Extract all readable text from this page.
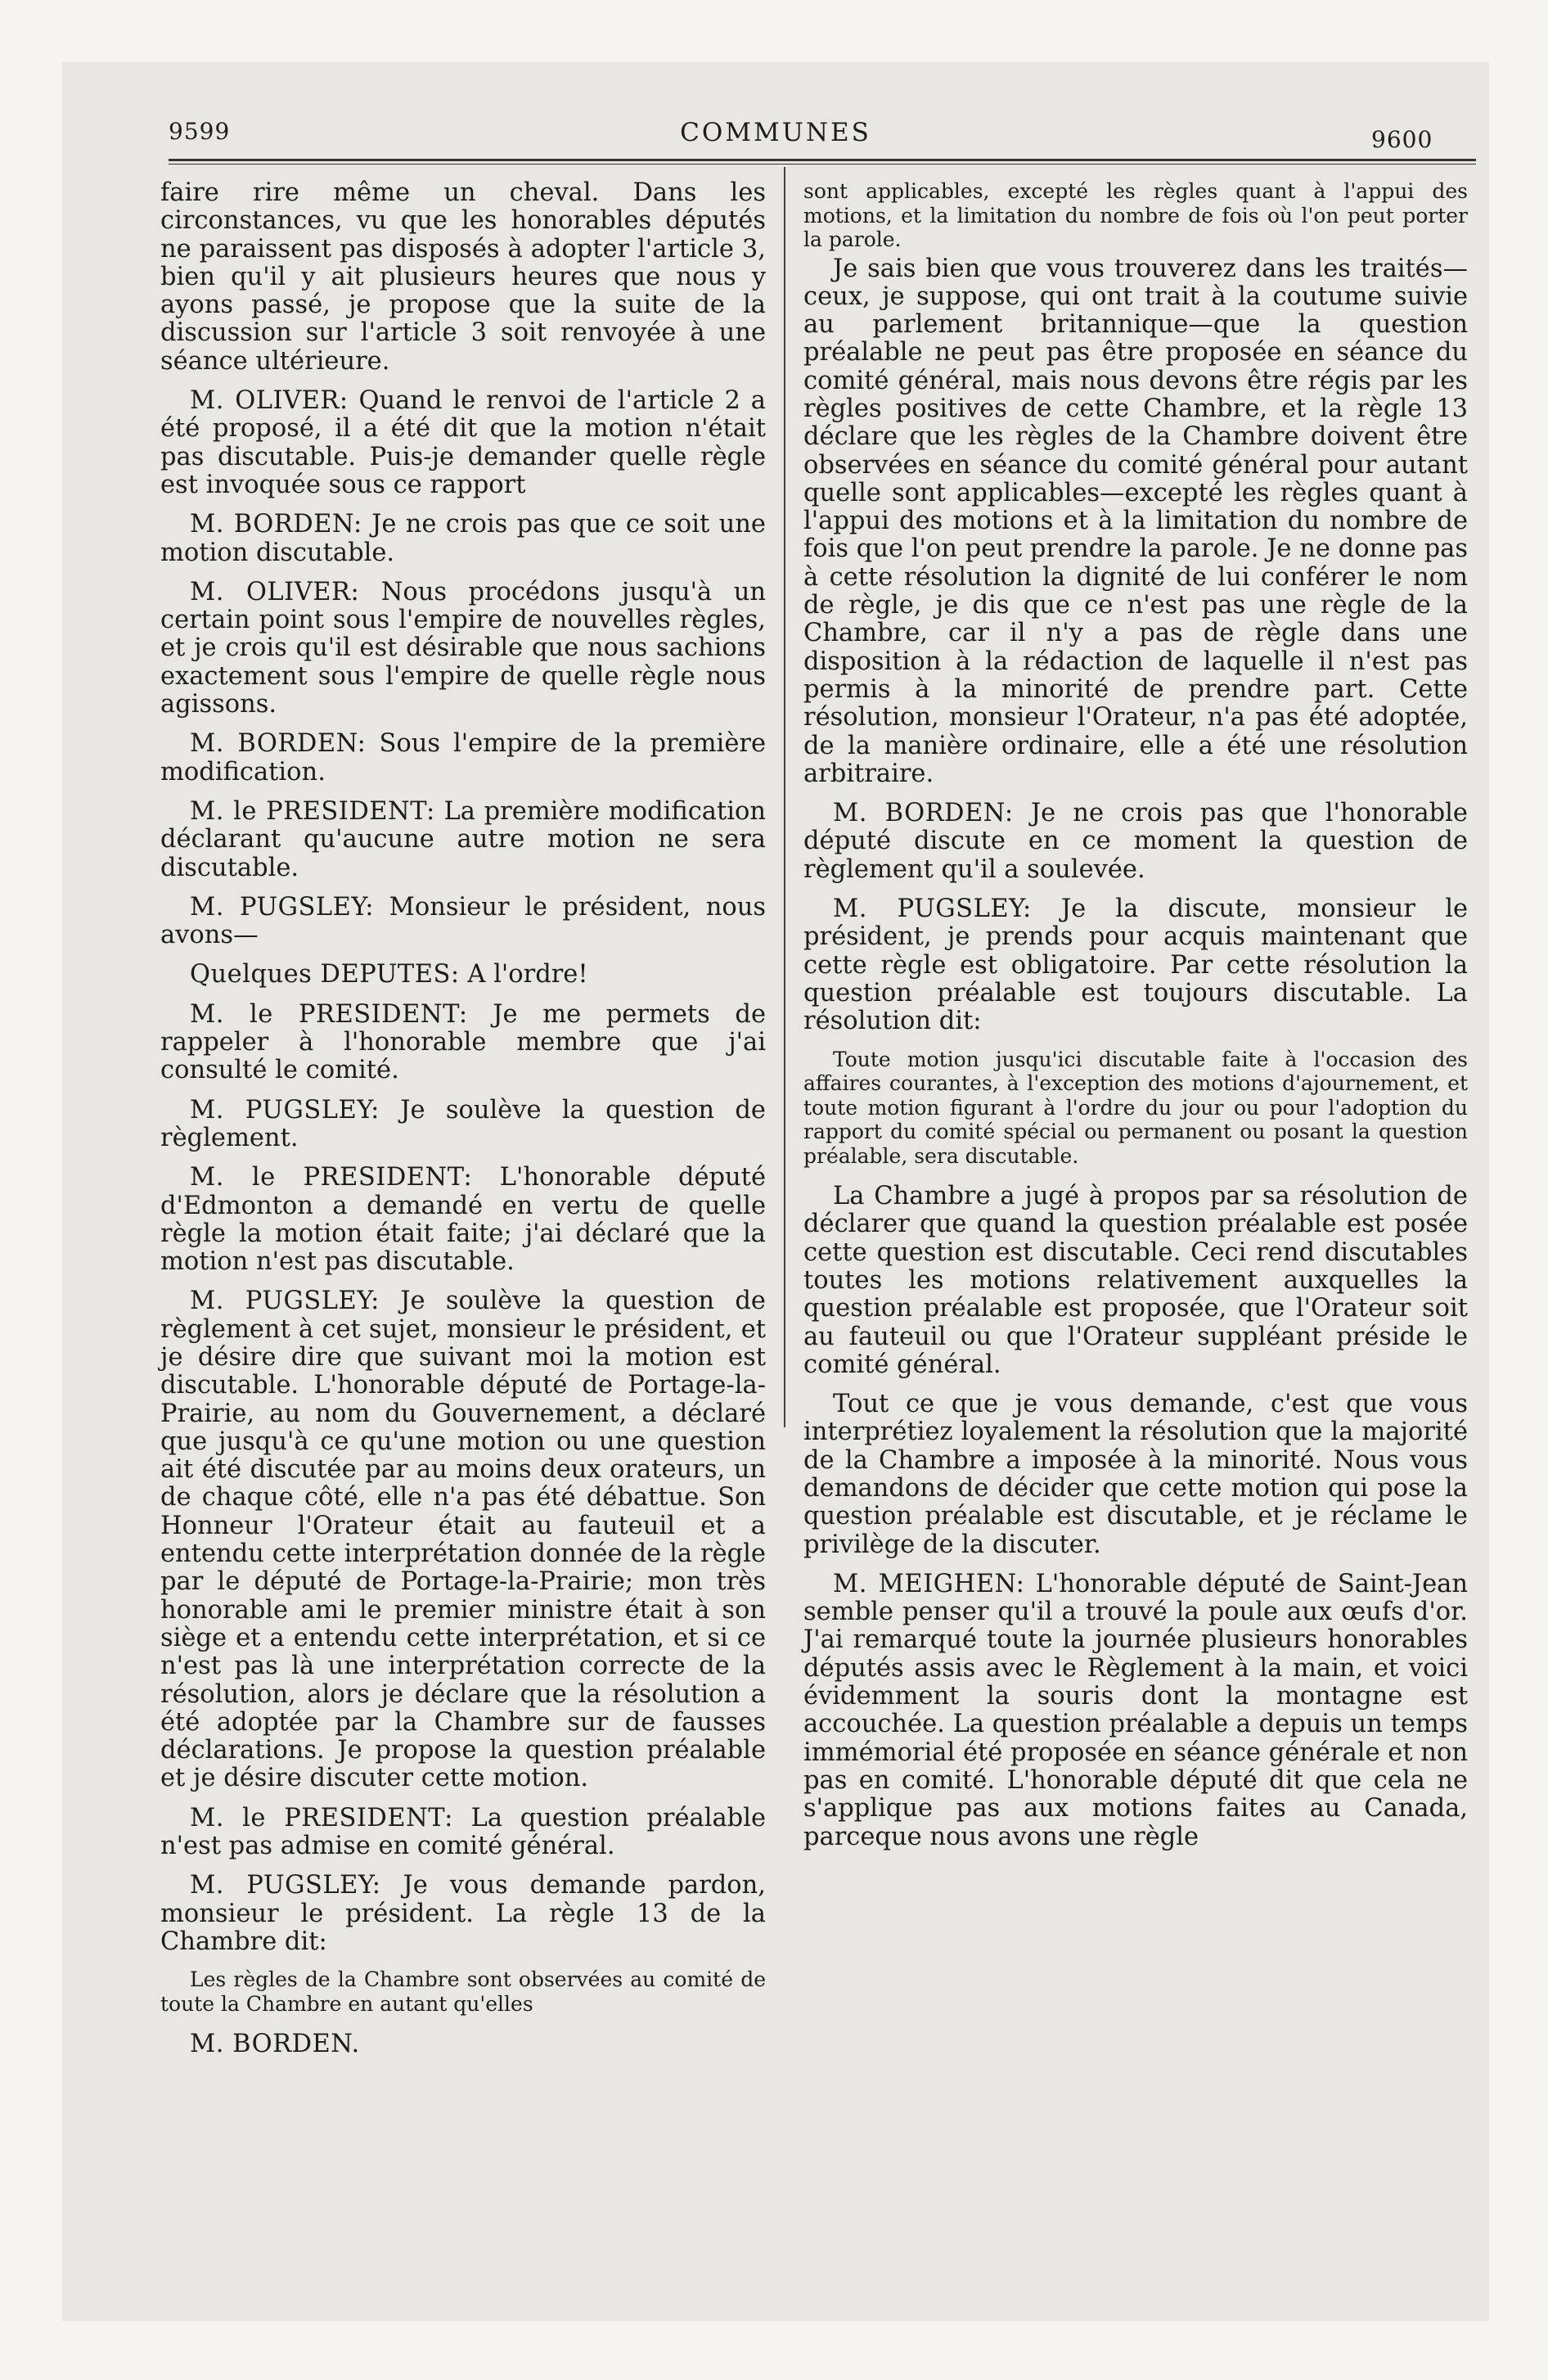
9599	COMMUNES	9600

faire rire même un cheval. Dans les circonstances, vu que les honorables députés ne paraissent pas disposés à adopter l'article 3, bien qu'il y ait plusieurs heures que nous y ayons passé, je propose que la suite de la discussion sur l'article 3 soit renvoyée à une séance ultérieure.

M. OLIVER: Quand le renvoi de l'article 2 a été proposé, il a été dit que la motion n'était pas discutable. Puis-je demander quelle règle est invoquée sous ce rapport

M. BORDEN: Je ne crois pas que ce soit une motion discutable.

M. OLIVER: Nous procédons jusqu'à un certain point sous l'empire de nouvelles règles, et je crois qu'il est désirable que nous sachions exactement sous l'empire de quelle règle nous agissons.

M. BORDEN: Sous l'empire de la première modification.

M. le PRESIDENT: La première modification déclarant qu'aucune autre motion ne sera discutable.

M. PUGSLEY: Monsieur le président, nous avons—

Quelques DEPUTES: A l'ordre!

M. le PRESIDENT: Je me permets de rappeler à l'honorable membre que j'ai consulté le comité.

M. PUGSLEY: Je soulève la question de règlement.

M. le PRESIDENT: L'honorable député d'Edmonton a demandé en vertu de quelle règle la motion était faite; j'ai déclaré que la motion n'est pas discutable.

M. PUGSLEY: Je soulève la question de règlement à cet sujet, monsieur le président, et je désire dire que suivant moi la motion est discutable. L'honorable député de Portage-la-Prairie, au nom du Gouvernement, a déclaré que jusqu'à ce qu'une motion ou une question ait été discutée par au moins deux orateurs, un de chaque côté, elle n'a pas été débattue. Son Honneur l'Orateur était au fauteuil et a entendu cette interprétation donnée de la règle par le député de Portage-la-Prairie; mon très honorable ami le premier ministre était à son siège et a entendu cette interprétation, et si ce n'est pas là une interprétation correcte de la résolution, alors je déclare que la résolution a été adoptée par la Chambre sur de fausses déclarations. Je propose la question préalable et je désire discuter cette motion.

M. le PRESIDENT: La question préalable n'est pas admise en comité général.

M. PUGSLEY: Je vous demande pardon, monsieur le président. La règle 13 de la Chambre dit:

Les règles de la Chambre sont observées au comité de toute la Chambre en autant qu'elles

M. BORDEN.

sont applicables, excepté les règles quant à l'appui des motions, et la limitation du nombre de fois où l'on peut porter la parole.

Je sais bien que vous trouverez dans les traités—ceux, je suppose, qui ont trait à la coutume suivie au parlement britannique—que la question préalable ne peut pas être proposée en séance du comité général, mais nous devons être régis par les règles positives de cette Chambre, et la règle 13 déclare que les règles de la Chambre doivent être observées en séance du comité général pour autant quelle sont applicables—excepté les règles quant à l'appui des motions et à la limitation du nombre de fois que l'on peut prendre la parole. Je ne donne pas à cette résolution la dignité de lui conférer le nom de règle, je dis que ce n'est pas une règle de la Chambre, car il n'y a pas de règle dans une disposition à la rédaction de laquelle il n'est pas permis à la minorité de prendre part. Cette résolution, monsieur l'Orateur, n'a pas été adoptée, de la manière ordinaire, elle a été une résolution arbitraire.

M. BORDEN: Je ne crois pas que l'honorable député discute en ce moment la question de règlement qu'il a soulevée.

M. PUGSLEY: Je la discute, monsieur le président, je prends pour acquis maintenant que cette règle est obligatoire. Par cette résolution la question préalable est toujours discutable. La résolution dit:

Toute motion jusqu'ici discutable faite à l'occasion des affaires courantes, à l'exception des motions d'ajournement, et toute motion figurant à l'ordre du jour ou pour l'adoption du rapport du comité spécial ou permanent ou posant la question préalable, sera discutable.

La Chambre a jugé à propos par sa résolution de déclarer que quand la question préalable est posée cette question est discutable. Ceci rend discutables toutes les motions relativement auxquelles la question préalable est proposée, que l'Orateur soit au fauteuil ou que l'Orateur suppléant préside le comité général.

Tout ce que je vous demande, c'est que vous interprétiez loyalement la résolution que la majorité de la Chambre a imposée à la minorité. Nous vous demandons de décider que cette motion qui pose la question préalable est discutable, et je réclame le privilège de la discuter.

M. MEIGHEN: L'honorable député de Saint-Jean semble penser qu'il a trouvé la poule aux œufs d'or. J'ai remarqué toute la journée plusieurs honorables députés assis avec le Règlement à la main, et voici évidemment la souris dont la montagne est accouchée. La question préalable a depuis un temps immémorial été proposée en séance générale et non pas en comité. L'honorable député dit que cela ne s'applique pas aux motions faites au Canada, parceque nous avons une règle
